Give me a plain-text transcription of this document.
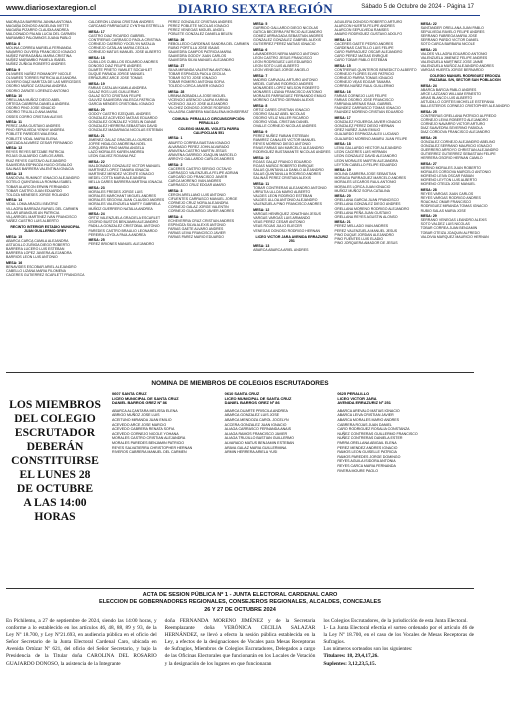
www.diariosextaregion.cl	DIARIO SEXTA REGIÓN	Sábado 5 de Octubre de 2024 - Página 17
MADRIAGA BARRERA JANINA ANTONIA
MAGAÑA DONOSO ANGELINA IVETTE
MAGAÑA PIZARRO CLAUDIA ANDREA
MALDONADO PALMA LUCIA DEL CARMEN
MARAMBIO PALOMINOS JUANA PABLO
MESA: 8
MOLINA CORREA MARIELA FERNANDA
NAVARRO OLIVERA FRANCISCO IGNACIO
NUÑEZ FARRAGAÑAL MARIA CRISTINA
NUÑEZ MARAMBIO PAMELA ISABEL
NUÑEZ ZUÑIGA ROBERTO ANDRES
MESA: 9
OLIVARES NUÑEZ ROMANOFF NICOLE
OLIVARES TORRES PATRICIA ALEJANDRA
OLIVERO DIAZ MARITZA DE LAS MERCEDES
OSORIO MUÑOZ CATALINA ANDREA
OSORIO ZARATE LORENZO ANTONIO
MESA: 10
ORELLANA MUÑOZ DIEGO ABEL
ORTEGA CABRERA DANIELA ANDREA
OSORIO PINO JOSE IGNACIO
OSORIO TRUJILLO ANA MARIA
OSSES CORRO CRISTIAN ALEXIS
MESA: 11
PEREZ JARA GUSTAVO ANDRES
PINO SEPULVEDA YENNY ANDREA
POBLETE PAREDES WALESKA
POBLETE VIDAL MARIA ELENA
QUEZADA ALVAREZ CESAR FERNANDO
MESA: 12
REYES REYES BETZABE PATRICIA
ROJAS GUAJARDO CARLOS ARIEL
RUIZ REYES GUSTAVO ALEJANDRO
SAAVEDRA ESPINOZA HUGO OSVALDO
SALINAS BARRERA VALENTINA IGNACIA
MESA: 13
SANDOVAL RUMINOT IGNACIO ALEJANDRO
SOTELO QUINTANILLA ROMINA ISABEL
TOBAR ALARCON ERWIN FERNANDO
TOBAR CASTRO JUAN EDUARDO
TOLOZA MENESES JORGE ROLANDO
MESA: 14
VIDAL LOMA ARACELI BEATRIZ
VILLAGRA BARRAZA RAFAEL DEL CARMEN
VILLAR ARANGUIS AN PATRICIA
VILLARROEL MARTINEZ IVAN FRANCISCO
YAÑEZ CASTRO LUIS ALBERTO
RECINTO INTERIOR ESTADIO MUNICIPAL JUAN GUILLERMO GREY
MESA: 15
ABARCA CARCA CAMILA ALEJANDRA
ASTUDILLO ZUÑIGA DIEGO ROBERTO
BARRERA LUCERO LUIS ESTEBAN
BARRERA LOPEZ JAVIERA ALEJANDRA
BARRIOS LEON LUIS ANTONIO
MESA: 16
BENAVIDES ESCOBAR ARIEL ALEJANDRO
CABELLO LIZANA MARIA FILOMENA
CACERES GUTIERREZ SCARLETT FRANCISCA
CALDERON LIZANA CRISTIAN ANDRES
CARCAMO PARRAGUEZ CYNTHIA ESTRELLA
MESA: 17
CASTRO DIAZ RICARDO GABRIEL
CONTRERAS CARRASCO PAOLA CRISTINA
CORNEJO CAERIÑO YOCELYN NATALIA
CORNEJO CATALAN MARIA CECILIA
CORNEJO MATUS MANUEL JOSE ALBERTO
MESA: 18
CUBILLOS CUBILLOS EDUARDO ANDRES
DONOSO DIAZ FELIPE ANDRES
DUARTE PRIETO YAMILET SOCAHLET
DUQUE PARADA JORGE MANUEL
ERRAZURIZ ARCE JOSE TOMAS
MESA: 19
FARIAS CATALAN KAMILA ANDREA
GALAZ ROS LUIS GUILLERMO
GALAZ SOTO CRISTIAN FELIPE
GALVEZ SAAVEDRA VALESCA PATRICIA
GARCIA MENDES CRISTOBAL IGNACIO
MESA: 20
GODOY CASTRO EZEQUIEL ANDRES
GONZALEZ ACEVEDO MATIAS EDUARDO
GONZALEZ GONZALEZ YOSELIN DANAE
GONZALEZ HERRERA SEBASTIAN DAVID
GONZALEZ MADARIAGA NICOLAS ESTEBAN
MESA: 21
JIMENEZ GALAZ GRACIELA LOURDES
JOFRE HIDALGO ANDREINA NOEL
JORQUERA PINO MARIA ANGELA
LAZO MORALES KAREN ANDREA
LEON GALVEZ ROXANA PAZ
MESA: 22
MALDONADO GONZALEZ VICTOR MANUEL
MARTINEZ LOPEZ TAMARA IGNACIA
MARTINEZ MENDEZ VICENTE IGNACIO
MEDEL COTTA MARIA ALEJANDRA
MELLA CARES BARRERA MARTINA IGNACIA
MESA: 23
MORALES FREDES JORGE LUIS
MORALES MARCHANT MIGUEL ANDRES
MORALES SEGOVIA JUAN CLAUDIO ANDRES
MORALES VALENZUELA MARTY GABRIELA
MUÑOZ GUERRERO NATALIA ANDREA
MESA: 24
ORTIZ VALENZUELA GRACIELA ESCARLET
OSORIO BUSTOS BENJAMIN ALEJANDRO
PADILLA GONZALEZ CRISTOBAL ANTONIO
PAREDES CASTRO BRAULIO LEONARDO
PEREIRA LOYOLA PAULA ANDREA
MESA: 25
PEREZ BRIONES MANUEL ALEJANDRO
PEREZ GONZALEZ CRISTIAN ANDRES
PEREZ POBLETE NICOLAS IGNACIO
PEREZ VENEGAS MIGUEL ANGEL
POBLETE GONZALEZ DANIELA BELEN
MESA: 26
REBOLLEDO CARDENAS SANDRA DEL CARMEN
RUBIO PORTILLA JOSE ISAIAS
SAAVEDRA CAMPOS PATRICIA MARIA
SAAVEDRA GODOY JUAN CARLOS
SAAVEDRA SILVA MANUEL ALEJANDRO
MESA: 27
SILVA MIRANDA VALENTINA ANTONIA
TOBAR ESPINOZA PAOLA CECILIA
TOBAR SOTO JOSE IGNACIO
TOBAR ROMERO ANTONIA SOFIA
TOLEDO LORCA JAVIER IGNACIO
MESA: 28
URBINA BOBADILLA JOSE MIGUEL
VICENCIO ASENCIO LAURA KARINA
VICENCIO JULIO JOSE ALEJANDRO
VILCHEZ DONOSO JORGE RODRIGO
VILLAGRA CABRERA MAGDALENA MONSERRAT
COMUNA: PERALILLO CIRCUNSCRIPCIÓN: PERALILLO
COLEGIO MANUEL VIOLETA PARRA CALIPOCLIAN 551
MESA: 1
ABURTO CORREA BASTIAN IGNACIO
ALVARADO PEREZ JOHN ALVARADO
ARAVENA CASTRO MARTIN JESUS
ARAVENA GARRIDO JOAQUIN MARCELO
ARROYO GALLARDO CARLOS ANDRES
MESA: 2
CACERES CASTRO SERGIO OCTAVIO
CARRASCO VALENZUELA FELIPE ADRIAN
CARCAÑO CID FRANCISCO JAVIER
CARCA MORENO IVAN ANDRES
CARRASCO CRUZ EDGAR AMARO
MESA: 3
CERON ARELLANO LUIS ANTONIO
CIFUENTES CARRASCO MANUEL JORGE
CORNEJO CRUZ NORA ALEJANDRA
CORNEJO GALAZ JORGE VALENTIN
CORNEJO GUAJARDO JAVIER ANDRES
MESA: 4
ECHEVERRIA CRUZ CRISTIAN ANDRES
ESPINOZA SILVA ALEXIS ANTONIO
FARIAS GAETE ALVARO ANDRES
FARIAS LEIVA FRANCISCO JAVIER
FARIAS PAREZ MARIO EDUARDO
MESA: 5
GARRIDO GALLARDO DIEGO NICOLAS
GATICA BECERRA PATRICIO ALEJANDRO
GOMEZ ARRIAGADA SEBASTIAN ANDRES
GONZALEZ GONZALEZ GABRIEL ALEXIS
GUTIERREZ PEREZ MATIAS IGNACIO
MESA: 6
LAVANDEROS NERIA MARCO ANTONIO
LEON CASTRO JESUS FRANCISCO
LEON RODRIGUEZ LUIS EDUARDO
LEON SOTO LUIS ALBERTO
LEON VENEGAS JORGE ANGELO
MESA: 7
MADRID CARVAJAL ARTURO ANTONIO
MEDEL CUEVAS RODRIGO ANDRES
MONARDES LOPEZ NELSON ROBERTO
MONARES LIZANA FRANCISCO ANTONIO
MORALES PARRAGUEZ FERNANDO EMILIO
MORENO CASTRO GERMAN ALEXIS
MESA: 8
ORTIZ CARES CRISTIAN IGNACIO
OSORIO SALAZ ABEL NICOLAS
OSORIO VELIZ MILLER RICARDO
OSORIO VIDAL CRISTIAN DANIEL
OVALLE CORNEJO NICOLAS ANDRES
MESA: 9
PEREZ NUÑEZ FABIAN ESTEBAN
RAMIREZ CANALES VICTOR MANUEL
REYES MORENO DIEGO ANTONIO
RIVAS FARIAS IAN MARCELO ALEJANDRO
RODRIGUEZ BUSTAMANTE NICOLAS ANDRES
MESA: 10
ROJAS GALAZ FRANCO EDUARDO
ROJAS MUÑOZ ROBERTO ENRIQUE
SALAS QUINTANILLA DANILO ALEJANDRO
SALAS QUINTANILLA RODRIGO ANDRES
SALINAS PEREZ CRISTIAN ALEXIS
MESA: 11
TOBAR CONTRERAS ALEJANDRO ANTONIO
URRUTIA ULLOA MARIO ALBERTO
VALDES LEON RODRIGO ESTEBAN
VALDES ULLOA ANTONIO ALEJANDRO
VALENZUELA PINO FRANCISCO ANDRES
MESA: 12
VARGAS HENRIQUEZ JONATHAN JESUS
VARGAS VARGAS LUIS ARMANDO
VEAS PEREZ CESAR ANTONIO
VEAS ROJAS JULIO ELIECER
VENEGAS DONOSO RODRIGO HERNAN
LICEO VICTOR JARA AVENIDA ERRAZURIZ 251
MESA: 13
ABARCA ABARCA ARIEL ANDRES
AGUILERA DONOSO ROBERTO ARTURO
ALARCON HUERTA FELIPE ANDRES
ALARCON SEPULVEDA RAMSES
AMARO RODRIGUEZ GUSTAVO ADOLFO
MESA: 14
CACERES GAETE PEDRO ANDRES
CARDENAS CASTILLO LUIS FELIPE
CARO PARRAGUEZ OSCAR ALEJANDRO
CARO PEREZ MATIAS ENRIQUE
CARO TOBAR PABLO ESTEBAN
MESA: 15
CONTRERAS QUINTEROS BENEDICTO ALBERTO
CORNEJO FLORES ELVIS PATRICIO
CORNEJO PARRA TOMAS IGNACIO
CORNEJO VEAS EDGAR TAMARA
CORREA NUÑEZ RAUL GUILLERMO
MESA: 16
FARIAS CORNEJO LUIS FELIPE
FARIAS OSORIO JOSE FRANCISCO
FARRANA ARENAS RAUL GABRIEL
FAUNDEZ CARRASCO TOMAS IGNACIO
FAUNDEZ MORENO CRISTIAN EDUARDO
MESA: 17
GONZALEZ FIGUEROA JAVIER IGNACIO
GONZALEZ PEREZ DIEGO HERNAN
GREZ NUÑEZ JUAN EMILIO
GUAJARDO ESPINOZA ALEX LUCIANO
GUAJARDO MORENO AMARU JUAN FELIPE
MESA: 18
LEIVA GALLARDO HECTOR ALEJANDRO
LEON CACERES LUIS HERMAN
LEON GONZALEZ DAVID ALEJANDRO
LEON MORALES MARTIN ALEJANDRA
LEYTON CABELLO FELIPE EDUARDO
MESA: 19
MOLINA CABRERA JOSE SEBASTIAN
MORAGA PARRAGUEZ MARCELO ANDRES
MORALES LECAROS RAUL ANTONIO
MORALES LORCA JUAN IGNACIO
MUÑOZ MUÑOZ SOFIA CATALINA
MESA: 20
ORELLANA GARCIA JUAN FRANCISCO
ORELLANA GONZALEZ DIEGO ANDRES
ORELLANA MORENO RODRIGO ALEJANDRO
ORELLANA PEÑA JUAN GUSTAVO
ORELLANA REYES AGUSTIN ALONSO
MESA: 21
PEREZ MELLADO IVAN ANDRES
PEREZ VALENZUELA MANUEL JESUS
PINO DUQUE JORDAN ALEJANDRO
PINO FUENTES LUIS ELADIO
PINO JORQUERA AMADOR DE JESUS
MESA: 22
SANTANDER ORELLANA JUAN PABLO
SEPULVEDA RAVELO FELIPE ANDRES
SERRANO FABREGA MARIA JOSE
SERRANO PARDO VICTOR DANIEL
SOTO CARCA BARBARA NICOLE
MESA: 23
VALDES VILLAGRA EDUARDO ANTONIO
VALENZUELA JIMENEZ FELIPE ANDRES
VALENZUELA MARTINEZ JOSE JAIME
VALENZUELA MUÑOZ ALEJANDRO ANDRES
VARGAS HUERTA JORGE BERNARDO
COLEGIO MANUEL RODRIGUEZ ERDOIZA IRAZABAL S/N, SECTOR SAN POBLACION
MESA: 24
ABARCA BARCIA PABLO ANDRES
ARCE LAZCANO WILLIAM ERNESTO
ARIAS BLANCO LUIS ALBERTO
ASTUDILLO CORTES MICHELLE ESTEFANIA
BALLESTEROS CORNEJO CRISTOPHER ALEJANDRO
MESA: 25
CONTRERAS ORELLANA PATRICIO ALFREDO
CORNEJO LEIVA ROBERTO ALEJANDRO
CORNEJO NAVARRO VICTOR ARTURO
DIAZ SAAVEDRA SEVERINO FABIOLA
DIAZ CORDOVA FRANCISCO ALEJANDRO
MESA: 26
GONZALEZ CORNEJO ALEJANDRO ABELINO
GONZALEZ SERRANO MAURICIO IGNACIO
GUERRERO ARROYO CHRISTIAN ALEJANDRO
GUTIERREZ GUTIERREZ SEBASTIAN FELIPE
HERRERA OSORIO HERNAN CAMILO
MESA: 27
MERINO MORALES JUAN ROBERTO
MORALES CORDOVA MARCELO ANTONIO
MORENO LEIVA OSCAR FABIAN
MORENO LEYTON LUIS ALBERTO
MORENO OTEIZA JOSE MANUEL
MESA: 28
REYES VARGAS JUAN CARLOS
REYES VARGAS RODRIGO ANDRES
ROACHAC OMAR FRANCISCO
RODRIGUEZ MIRANDA TOMAS IGNACIO
RUBIO SALAS MARIA JOSE
MESA: 29
SERRANO VENEGAS LEANDRO ALEXIS
SOTO VALDEZ LUIS NICOLAS
TOBAR CORREA JUAN BENJAMIN
TOBAR OTEIZA JOAQUIN ALFREDO
VALDIVIA MARQUEZ MAURICIO HERNAN
NOMINA DE MIEMBROS DE COLEGIOS ESCRUTADORES
LOS MIEMBROS
DEL COLEGIO
ESCRUTADOR
DEBERÁN
CONSTITUIRSE
EL LUNES 28
DE OCTUBRE
A LAS 14:00 HORAS
0607 SANTA CRUZ
LICEO MUNICIPAL DE SANTA CRUZ
DANIEL BARROS GREZ Nº 86
ABARCA ALCANTARA MELISSA ELENA
ABRIGO MUÑOZ JOSE LUIS
ACEITUNO MIRANDA JUAN EMILIO
ACEVEDO ARCE JOSE MARCIO
ACEVEDO CABRERA RENATA SOFIA
ACEVEDO CORNEJO NICOLE YOHANA
MORALES CASTRO CRISTIAN ALEJANDRA
MORALES PAREDES BENJAMIN PATRICIO
REYES SALVATIERRA CHRISTOPHER HERNAN
RIVEROS CABRERA MANUEL DEL CARMEN
0610 SANTA CRUZ
LICEO MUNICIPAL DE SANTA CRUZ
DANIEL BARROS GREZ Nº 86
ABARCA DUARTE PRISCILA ANDREA
ABARCA GONZALEZ LUIS JOSE
ABARCA MENDOZA CAROL JOCELYN
ACCERA GONZALEZ JUAN IGNACIO
ALIAGA CARRASCO FERNANDA ANAIS
ALIAGA RAMOS FRANCISCO JAVIER
ALIAGA TRUJILLO BASTIAN GUILLERMO
ALVARADO MATUS BENJAMIN ESTEBAN
ARAVA GALAZ MARIA GUILLERMINA
ARMIN HERRERA ARIELA YUSI
0625 PERALILLO
LICEO VICTOR JARA
AVENIDA ERRAZURIZ Nº 251
ABARCA AREVALO MATIAS IGNACIO
ABARCA LEIVA CRISTIAN JAVIER
ABARCA MORALES MARIO ANDRES
CABRERA ROJAS JUAN DANIEL
CARO RODRIGUEZ ROSALIA CONSTANZA
NUÑEZ CONTRERAS GUILLERMO FRANCISCO
NUÑEZ CONTRERAS DANIELA ESTER
PARRA ORELLANA ABIGAIL ELENA
PEREZ MENDEZ ANDRES IGNACIO
RAMOS LEON GUISELLE PATRICIA
RAMOS PAREDES JORGE DOMINGO
REYES AGUILA ISIDORA ANTONIA
REYES CARCA MARIA FERNANDA
RIVERA MOURE PAOLO
ACTA DE SESION PÚBLICA Nº 1 - JUNTA ELECTORAL CARDENAL CARO
ELECCION DE GOBERNADORES REGIONALES, CONSEJEROS REGIONALES, ALCALDES, CONCEJALES
26 Y 27 DE OCTUBRE 2024
En Pichilemu, a 27 de septiembre de 2024, siendo las 14:00 horas, y conforme a lo establecido en los artículos 46, 48, 88, 89 y 93, de la Ley Nº 18.700, y Ley Nº21.693, en audiencia pública en el oficio del Señor Secretario de la Junta Electoral Cardenal Caro, ubicada en Avenida Ortúzar Nº 621, del oficio del Señor Secretario, y bajo la Presidencia de la Titular doña CAROLINA DEL ROSARIO GUAJARDO DONOSO, la asistencia de la Integrante
doña FERNANDA MORENO JIMÉNEZ y de la Secretaria Reemplazante doña VERÓNICA CECILIA SALAZAR HERNÁNDEZ, se llevó a efecto la sesión pública establecida en la Ley, a efectos de la designaciones de Vocales para Mesas Receptoras de Sufragios, Miembros de Colegios Escrutadores, Delegados a cargo de las Oficinas Electorales que funcionarán en los Locales de Votación y la designación de los lugares en que funcionaran
los Colegios Escrutadores, de la jurisdicción de esta Junta Electoral.
I.- La Junta Electoral efectúa el sorteo ordenado por el artículo 46 de la Ley Nº 18.700, en el caso de los Vocales de Mesas Receptoras de Sufragios.
Los números sorteados son los siguientes:
Titulares: 18, 29,4,17,26.
Suplentes: 3,12,23,5,15.
